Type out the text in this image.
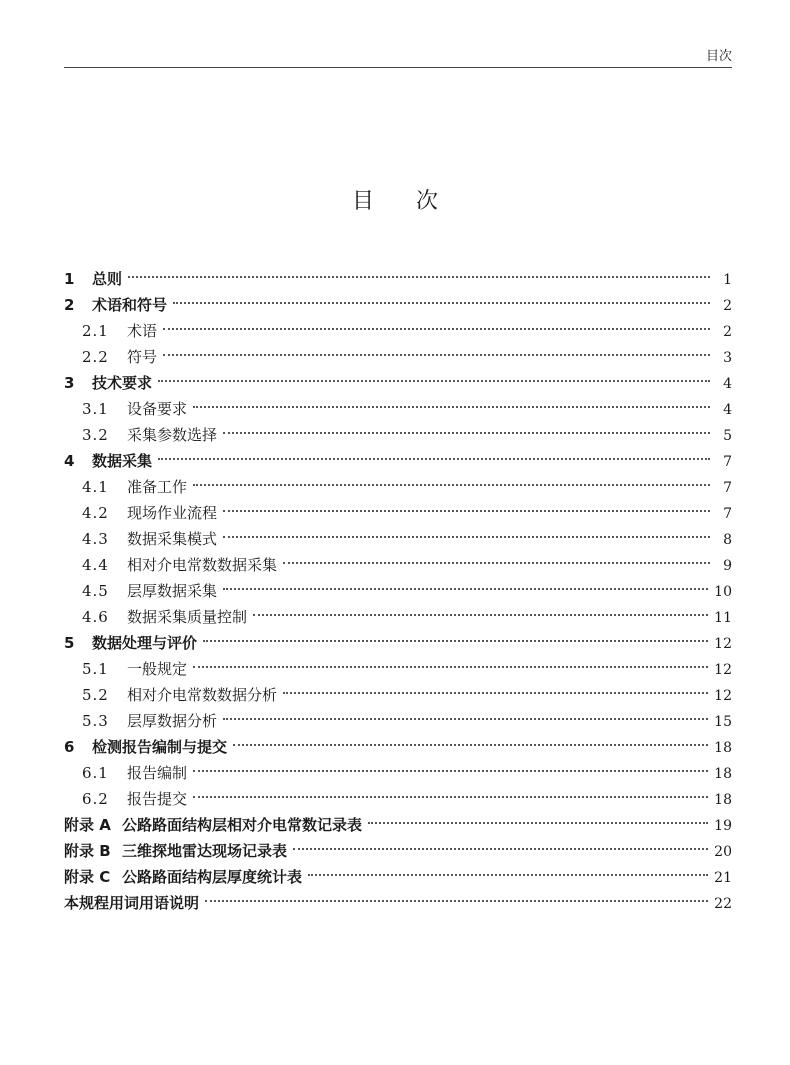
目次
目      次
1	总则	1
2	术语和符号	2
2.1	术语	2
2.2	符号	3
3	技术要求	4
3.1	设备要求	4
3.2	采集参数选择	5
4	数据采集	7
4.1	准备工作	7
4.2	现场作业流程	7
4.3	数据采集模式	8
4.4	相对介电常数数据采集	9
4.5	层厚数据采集	10
4.6	数据采集质量控制	11
5	数据处理与评价	12
5.1	一般规定	12
5.2	相对介电常数数据分析	12
5.3	层厚数据分析	15
6	检测报告编制与提交	18
6.1	报告编制	18
6.2	报告提交	18
附录 A 公路路面结构层相对介电常数记录表	19
附录 B 三维探地雷达现场记录表	20
附录 C 公路路面结构层厚度统计表	21
本规程用词用语说明	22
